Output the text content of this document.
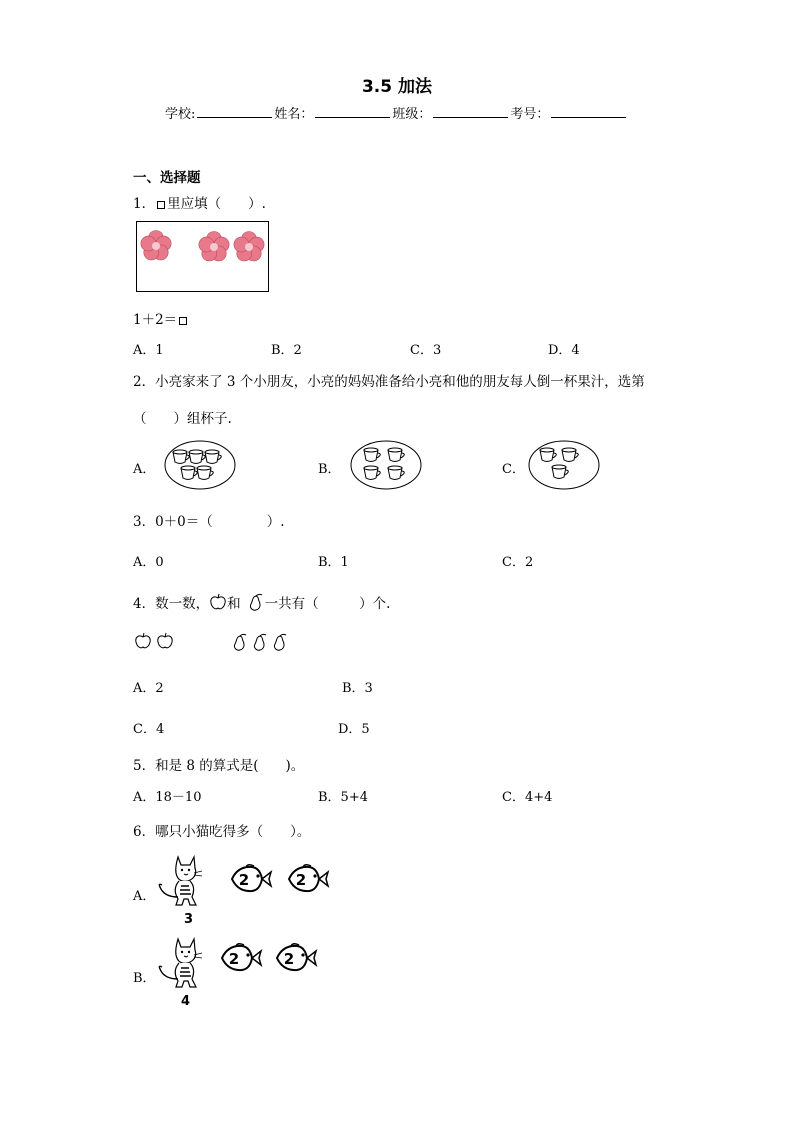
3.5 加法
学校:	姓名：	班级：	考号：
一、选择题
1． 里应填（　　）.
1＋2＝
A．1	B．2	C．3	D．4
2．小亮家来了 3 个小朋友，小亮的妈妈准备给小亮和他的朋友每人倒一杯果汁，选第
（　　）组杯子.
A．	B．	C．
3．0＋0＝（　　　　）.
A．0	B．1	C．2
4．数一数， 和 一共有（　　　）个.
A．2	B．3
C．4	D．5
5．和是 8 的算式是(　　)。
A．18－10	B．5+4	C．4+4
6．哪只小猫吃得多（　　）。
A．
3
2	2
B．
4
2	2
